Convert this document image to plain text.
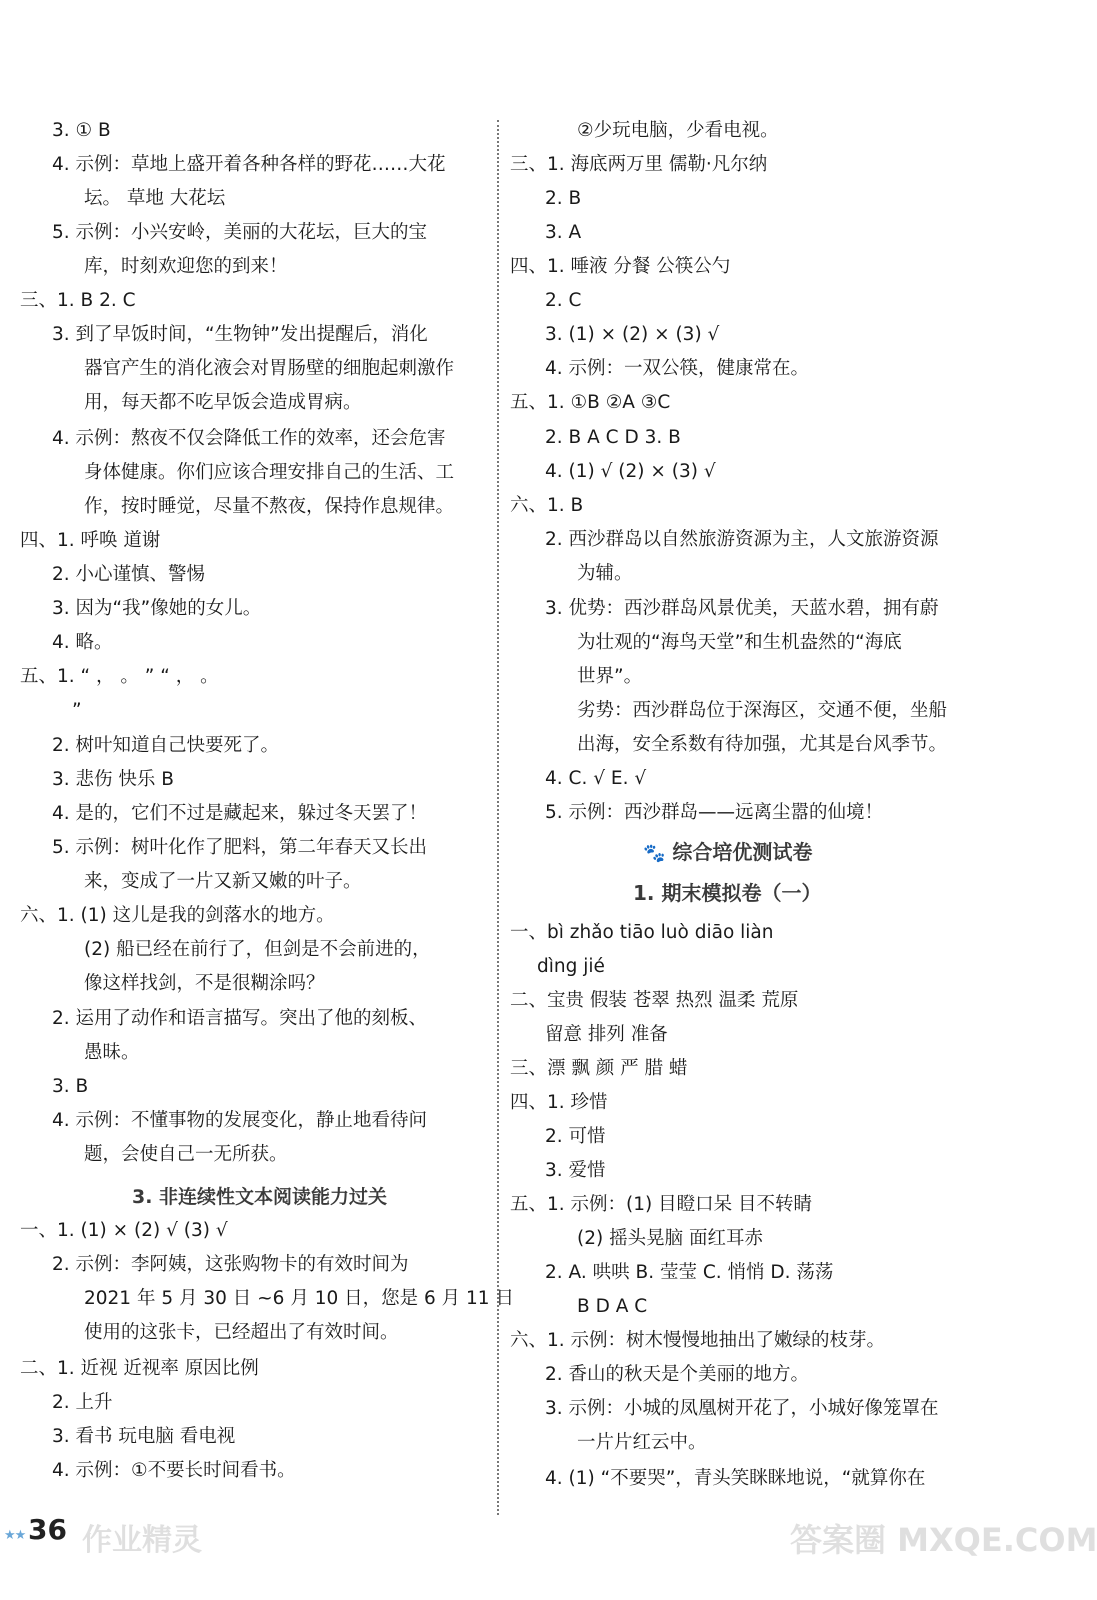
3. ① B
4. 示例：草地上盛开着各种各样的野花……大花
坛。 草地 大花坛
5. 示例：小兴安岭，美丽的大花坛，巨大的宝
库，时刻欢迎您的到来！
三、1. B 2. C
3. 到了早饭时间，“生物钟”发出提醒后，消化
器官产生的消化液会对胃肠壁的细胞起刺激作
用，每天都不吃早饭会造成胃病。
4. 示例：熬夜不仅会降低工作的效率，还会危害
身体健康。你们应该合理安排自己的生活、工
作，按时睡觉，尽量不熬夜，保持作息规律。
四、1. 呼唤 道谢
2. 小心谨慎、警惕
3. 因为“我”像她的女儿。
4. 略。
五、1. “ ， 。 ” “ ， 。
”
2. 树叶知道自己快要死了。
3. 悲伤 快乐 B
4. 是的，它们不过是藏起来，躲过冬天罢了！
5. 示例：树叶化作了肥料，第二年春天又长出
来，变成了一片又新又嫩的叶子。
六、1. (1) 这儿是我的剑落水的地方。
(2) 船已经在前行了，但剑是不会前进的，
像这样找剑，不是很糊涂吗？
2. 运用了动作和语言描写。突出了他的刻板、
愚昧。
3. B
4. 示例：不懂事物的发展变化，静止地看待问
题，会使自己一无所获。
一、1. (1) × (2) √ (3) √
2. 示例：李阿姨，这张购物卡的有效时间为
2021 年 5 月 30 日 ~6 月 10 日，您是 6 月 11 日
使用的这张卡，已经超出了有效时间。
二、1. 近视 近视率 原因比例
2. 上升
3. 看书 玩电脑 看电视
4. 示例：①不要长时间看书。
②少玩电脑，少看电视。
三、1. 海底两万里 儒勒·凡尔纳
2. B
3. A
四、1. 唾液 分餐 公筷公勺
2. C
3. (1) × (2) × (3) √
4. 示例：一双公筷，健康常在。
五、1. ①B ②A ③C
2. B A C D 3. B
4. (1) √ (2) × (3) √
六、1. B
2. 西沙群岛以自然旅游资源为主，人文旅游资源
为辅。
3. 优势：西沙群岛风景优美，天蓝水碧，拥有蔚
为壮观的“海鸟天堂”和生机盎然的“海底
世界”。
劣势：西沙群岛位于深海区，交通不便，坐船
出海，安全系数有待加强，尤其是台风季节。
4. C. √ E. √
5. 示例：西沙群岛——远离尘嚣的仙境！
一、bì zhǎo tiāo luò diāo liàn
dìng jié
二、宝贵 假装 苍翠 热烈 温柔 荒原
留意 排列 准备
三、漂 飘 颜 严 腊 蜡
四、1. 珍惜
2. 可惜
3. 爱惜
五、1. 示例：(1) 目瞪口呆 目不转睛
(2) 摇头晃脑 面红耳赤
2. A. 哄哄 B. 莹莹 C. 悄悄 D. 荡荡
B D A C
六、1. 示例：树木慢慢地抽出了嫩绿的枝芽。
2. 香山的秋天是个美丽的地方。
3. 示例：小城的凤凰树开花了，小城好像笼罩在
一片片红云中。
4. (1) “不要哭”，青头笑眯眯地说，“就算你在
3. 非连续性文本阅读能力过关
🐾 综合培优测试卷
1. 期末模拟卷（一）
★★ 36 作业精灵	答案圈 MXQE.COM
